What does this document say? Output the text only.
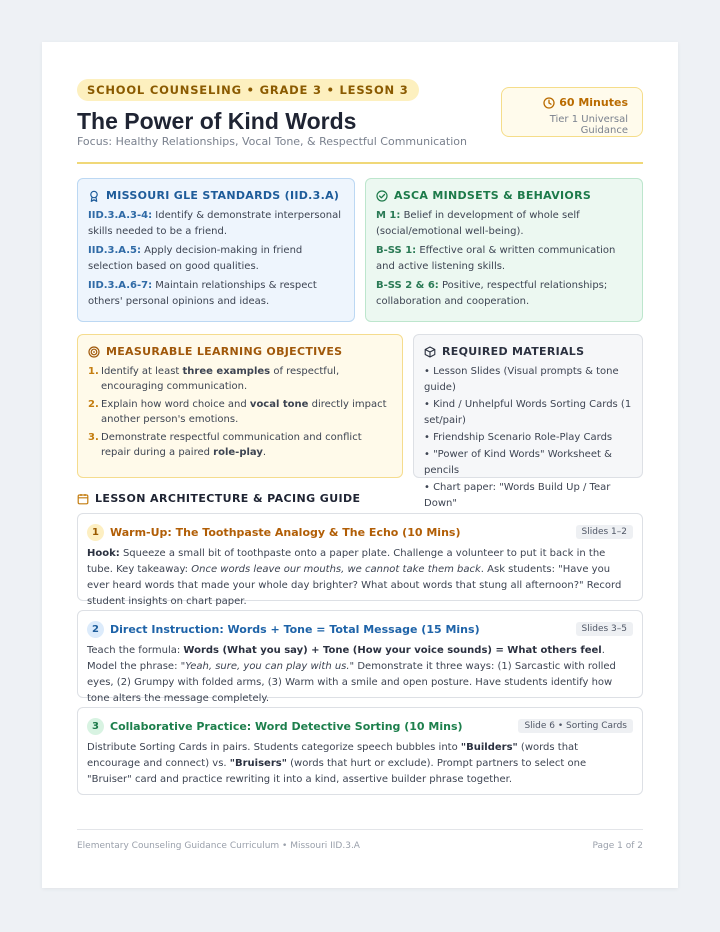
SCHOOL COUNSELING • GRADE 3 • LESSON 3
The Power of Kind Words
Focus: Healthy Relationships, Vocal Tone, & Respectful Communication
60 Minutes
Tier 1 Universal Guidance
MISSOURI GLE STANDARDS (IID.3.A)
IID.3.A.3-4: Identify & demonstrate interpersonal skills needed to be a friend.
IID.3.A.5: Apply decision-making in friend selection based on good qualities.
IID.3.A.6-7: Maintain relationships & respect others' personal opinions and ideas.
ASCA MINDSETS & BEHAVIORS
M 1: Belief in development of whole self (social/emotional well-being).
B-SS 1: Effective oral & written communication and active listening skills.
B-SS 2 & 6: Positive, respectful relationships; collaboration and cooperation.
MEASURABLE LEARNING OBJECTIVES
1. Identify at least three examples of respectful, encouraging communication.
2. Explain how word choice and vocal tone directly impact another person's emotions.
3. Demonstrate respectful communication and conflict repair during a paired role-play.
REQUIRED MATERIALS
• Lesson Slides (Visual prompts & tone guide)
• Kind / Unhelpful Words Sorting Cards (1 set/pair)
• Friendship Scenario Role-Play Cards
• "Power of Kind Words" Worksheet & pencils
• Chart paper: "Words Build Up / Tear Down"
LESSON ARCHITECTURE & PACING GUIDE
1	Warm-Up: The Toothpaste Analogy & The Echo (10 Mins)	Slides 1–2
Hook: Squeeze a small bit of toothpaste onto a paper plate. Challenge a volunteer to put it back in the tube. Key takeaway: Once words leave our mouths, we cannot take them back. Ask students: "Have you ever heard words that made your whole day brighter? What about words that stung all afternoon?" Record student insights on chart paper.
2	Direct Instruction: Words + Tone = Total Message (15 Mins)	Slides 3–5
Teach the formula: Words (What you say) + Tone (How your voice sounds) = What others feel. Model the phrase: "Yeah, sure, you can play with us." Demonstrate it three ways: (1) Sarcastic with rolled eyes, (2) Grumpy with folded arms, (3) Warm with a smile and open posture. Have students identify how tone alters the message completely.
3	Collaborative Practice: Word Detective Sorting (10 Mins)	Slide 6 • Sorting Cards
Distribute Sorting Cards in pairs. Students categorize speech bubbles into "Builders" (words that encourage and connect) vs. "Bruisers" (words that hurt or exclude). Prompt partners to select one "Bruiser" card and practice rewriting it into a kind, assertive builder phrase together.
Elementary Counseling Guidance Curriculum • Missouri IID.3.A	Page 1 of 2
